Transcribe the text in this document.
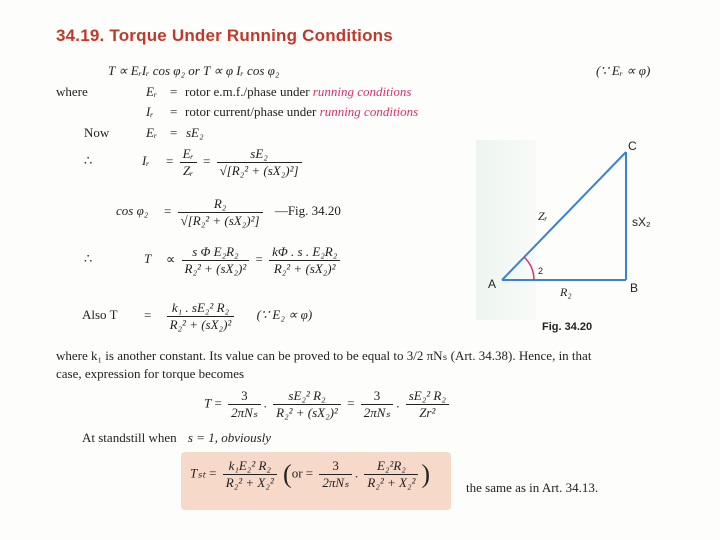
34.19. Torque Under Running Conditions
T ∝ EᵣIᵣ cos φ₂ or T ∝ φ Iᵣ cos φ₂	(∵ Eᵣ ∝ φ)
where	Eᵣ = rotor e.m.f./phase under running conditions
Iᵣ = rotor current/phase under running conditions
Now	Eᵣ = sE₂
∴	Iᵣ = $\frac{\text{Eᵣ}}{\text{Zᵣ}} = \frac{\text{sE₂}}{\text{√[R₂² + (sX₂)²]}}$
$\cos \varphi_2 = \frac{\text{R₂}}{\text{√[R₂² + (sX₂)²]}}$ —Fig. 34.20
∴	$T \propto \frac{\text{s Φ E₂R₂}}{\text{R₂² + (sX₂)²}} = \frac{\text{kΦ . s . E₂R₂}}{\text{R₂² + (sX₂)²}}$
Also $T = \frac{\text{k₁ . sE₂² R₂}}{\text{R₂² + (sX₂)²}}$ (∵ E₂ ∝ φ)
where k₁ is another constant. Its value can be proved to be equal to 3/2 πNₛ (Art. 34.38). Hence, in that
case, expression for torque becomes
$T = \frac{3}{\text{2πNₛ}}$ . $\frac{\text{sE₂² R₂}}{\text{R₂² + (sX₂)²}} = \frac{3}{\text{2πNₛ}}$ . $\frac{\text{sE₂² R₂}}{\text{Zr²}}$
At standstill when s = 1, obviously
$T_{st} = \frac{\text{k₁E₂² R₂}}{\text{R₂² + X₂²}} (or = \frac{3}{\text{2πNₛ}}$ . $\frac{\text{E₂²R₂}}{\text{R₂² + X₂²}}$ )	the same as in Art. 34.13.
C
A	B
Zᵣ	sX₂
R₂
2
Fig. 34.20
